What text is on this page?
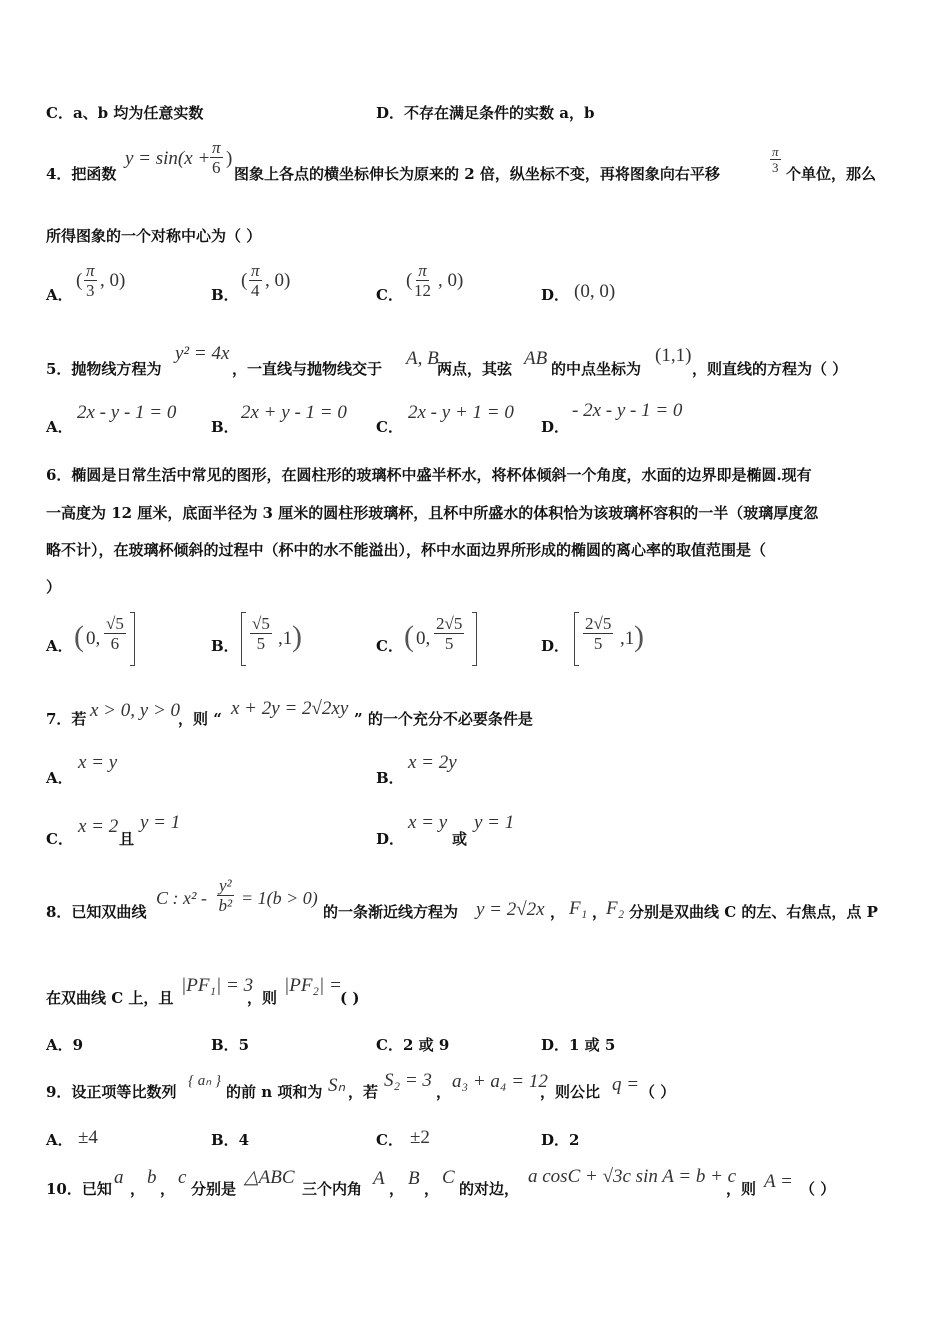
C．a、b 均为任意实数	D．不存在满足条件的实数 a，b
4．把函数
$y = \sin(x + \frac{\pi}{6}$ )
图象上各点的横坐标伸长为原来的 2 倍，纵坐标不变，再将图象向右平移	$\frac{\pi}{3}$ 个单位，那么
所得图象的一个对称中心为（ ）
A．
( $\frac{\pi}{3}$ , 0)
B．
( $\frac{\pi}{4}$ , 0)
C．
( $\frac{\pi}{12}$ , 0)
D． (0, 0)
5．抛物线方程为
y² = 4x
，一直线与抛物线交于 A, B
两点，其弦 AB 的中点坐标为
(1,1)
，则直线的方程为（ ）
A．
2x - y - 1 = 0
B．
2x + y - 1 = 0
C．
2x - y + 1 = 0
D．
- 2x - y - 1 = 0
6．椭圆是日常生活中常见的图形，在圆柱形的玻璃杯中盛半杯水，将杯体倾斜一个角度，水面的边界即是椭圆.现有
一高度为 12 厘米，底面半径为 3 厘米的圆柱形玻璃杯，且杯中所盛水的体积恰为该玻璃杯容积的一半（玻璃厚度忽
略不计），在玻璃杯倾斜的过程中（杯中的水不能溢出），杯中水面边界所形成的椭圆的离心率的取值范围是（
）
A． ( 0, $\frac{√5}{6}$	B． $\frac{√5}{5} ,1$ )	C． ( 0, $\frac{2√5}{5}$	D． $\frac{2√5}{5} ,1$ )
7．若 x > 0, y > 0
，则 “ x + 2y = 2√2xy ” 的一个充分不必要条件是
A．
x = y
B．
x = 2y
C．
x = 2
且
y = 1
D．
x = y
或
y = 1
8．已知双曲线
C : $x^2 - \frac{\text{y²}}{\text{b²}} = 1(b > 0)$
的一条渐近线方程为 y = 2√2x ， F₁ ，
F₂ 分别是双曲线 C 的左、右焦点，点 P
在双曲线 C 上，且
|PF₁| = 3
，则
|PF₂| =
( )
A．9	B．5	C．2 或 9	D．1 或 5
9．设正项等比数列
{ aₙ }
的前 n 项和为 Sₙ ，若
S₂ = 3
， a₃ + a₄ = 12
，则公比 q = （ ）
A． ±4	B．4	C． ±2	D．2
10．已知
a
，
b
，
c
分别是
△ABC
三个内角 A ， B ，
C
的对边，
a cosC + √3c sin A = b + c
，则 A = （ ）
